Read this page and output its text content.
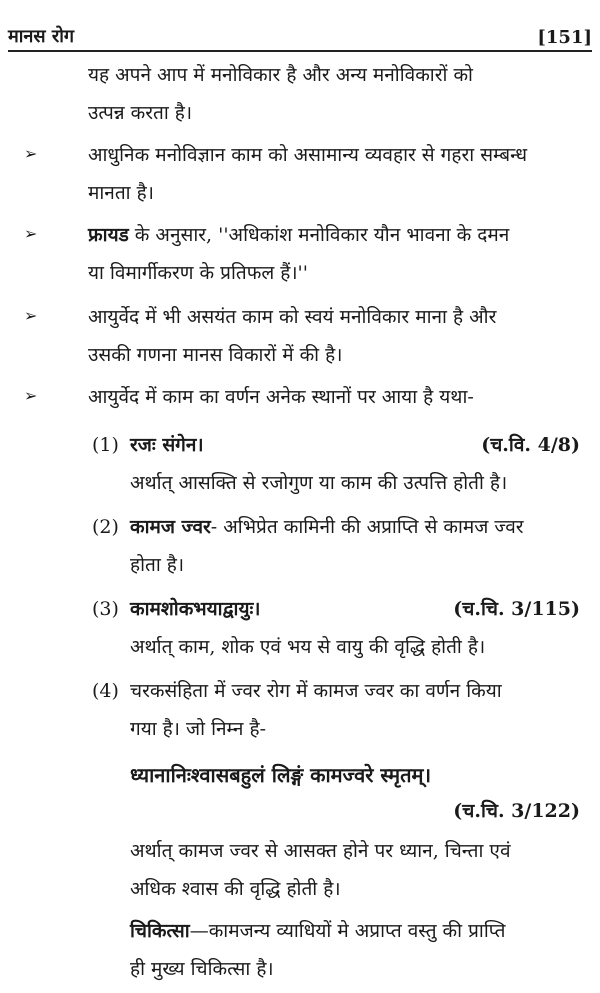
मानस रोग	[151]

यह अपने आप में मनोविकार है और अन्य मनोविकारों को
उत्पन्न करता है।

➢	आधुनिक मनोविज्ञान काम को असामान्य व्यवहार से गहरा सम्बन्ध
मानता है।

➢	फ्रायड के अनुसार, ''अधिकांश मनोविकार यौन भावना के दमन
या विमार्गीकरण के प्रतिफल हैं।''

➢	आयुर्वेद में भी असयंत काम को स्वयं मनोविकार माना है और
उसकी गणना मानस विकारों में की है।

➢	आयुर्वेद में काम का वर्णन अनेक स्थानों पर आया है यथा-

(1) रजः संगेन।	(च.वि. 4/8)

अर्थात् आसक्ति से रजोगुण या काम की उत्पत्ति होती है।

(2) कामज ज्वर- अभिप्रेत कामिनी की अप्राप्ति से कामज ज्वर
होता है।

(3) कामशोकभयाद्वायुः।	(च.चि. 3/115)

अर्थात् काम, शोक एवं भय से वायु की वृद्धि होती है।

(4) चरकसंहिता में ज्वर रोग में कामज ज्वर का वर्णन किया
गया है। जो निम्न है-

ध्यानानिःश्वासबहुलं लिङ्गं कामज्वरे स्मृतम्।

(च.चि. 3/122)

अर्थात् कामज ज्वर से आसक्त होने पर ध्यान, चिन्ता एवं
अधिक श्वास की वृद्धि होती है।

चिकित्सा—कामजन्य व्याधियों मे अप्राप्त वस्तु की प्राप्ति
ही मुख्य चिकित्सा है।
